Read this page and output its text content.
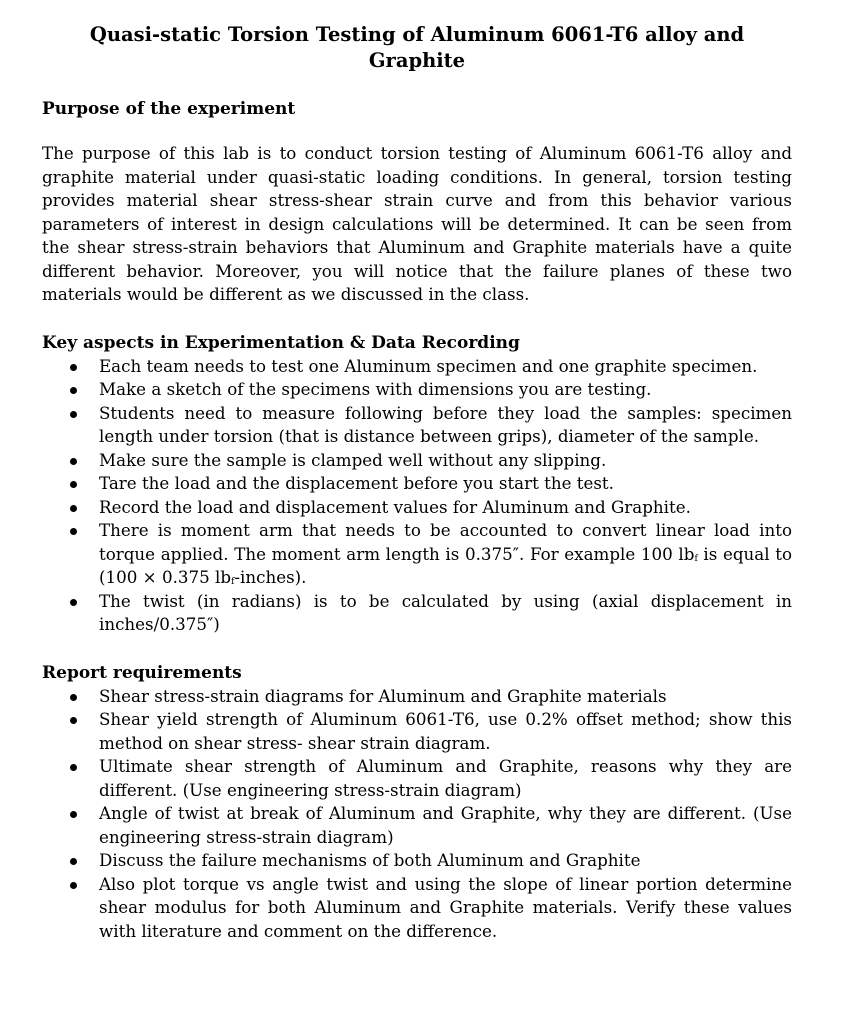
Quasi-static Torsion Testing of Aluminum 6061-T6 alloy and Graphite
Purpose of the experiment

The purpose of this lab is to conduct torsion testing of Aluminum 6061-T6 alloy and graphite material under quasi-static loading conditions. In general, torsion testing provides material shear stress-shear strain curve and from this behavior various parameters of interest in design calculations will be determined. It can be seen from the shear stress-strain behaviors that Aluminum and Graphite materials have a quite different behavior. Moreover, you will notice that the failure planes of these two materials would be different as we discussed in the class.

Key aspects in Experimentation & Data Recording
Each team needs to test one Aluminum specimen and one graphite specimen.
Make a sketch of the specimens with dimensions you are testing.
Students need to measure following before they load the samples: specimen length under torsion (that is distance between grips), diameter of the sample.
Make sure the sample is clamped well without any slipping.
Tare the load and the displacement before you start the test.
Record the load and displacement values for Aluminum and Graphite.
There is moment arm that needs to be accounted to convert linear load into torque applied. The moment arm length is 0.375″. For example 100 $lb_f$ is equal to (100 × 0.375 $lb_f-inches$).
The twist (in radians) is to be calculated by using (axial displacement in inches/0.375″)
Report requirements
Shear stress-strain diagrams for Aluminum and Graphite materials
Shear yield strength of Aluminum 6061-T6, use 0.2% offset method; show this method on shear stress- shear strain diagram.
Ultimate shear strength of Aluminum and Graphite, reasons why they are different. (Use engineering stress-strain diagram)
Angle of twist at break of Aluminum and Graphite, why they are different. (Use engineering stress-strain diagram)
Discuss the failure mechanisms of both Aluminum and Graphite
Also plot torque vs angle twist and using the slope of linear portion determine shear modulus for both Aluminum and Graphite materials. Verify these values with literature and comment on the difference.
